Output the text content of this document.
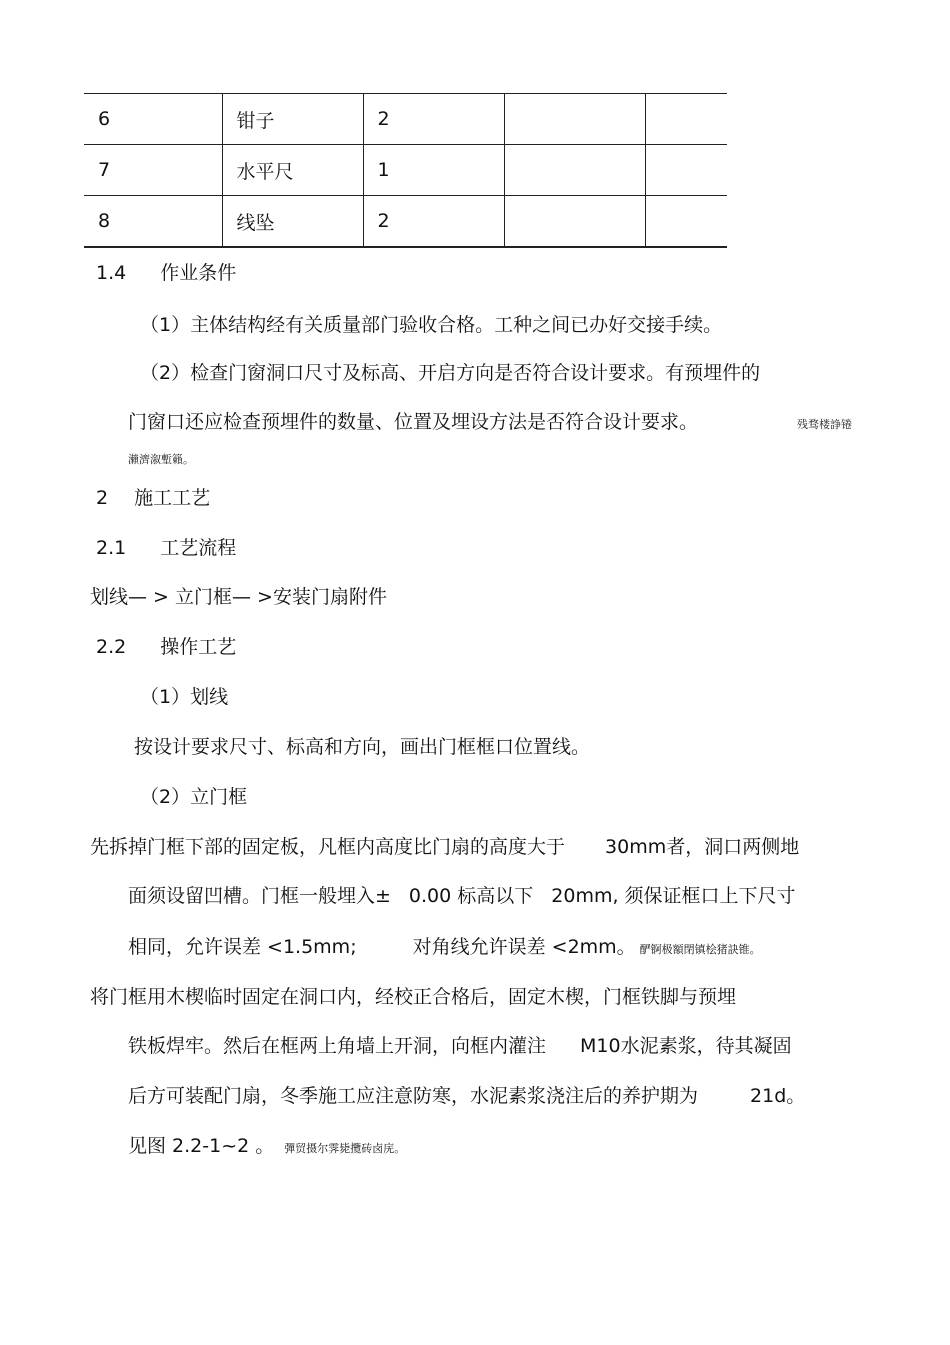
6	钳子	2		
7	水平尺	1		
8	线坠	2		
1.4 作业条件
（1）主体结构经有关质量部门验收合格。工种之间已办好交接手续。
（2）检查门窗洞口尺寸及标高、开启方向是否符合设计要求。有预埋件的
门窗口还应检查预埋件的数量、位置及埋设方法是否符合设计要求。	残骛楼諍锩
瀨濟溆塹籟。
2 施工工艺
2.1 工艺流程
划线— > 立门框— >安装门扇附件
2.2 操作工艺
（1）划线
按设计要求尺寸、标高和方向，画出门框框口位置线。
（2）立门框
先拆掉门框下部的固定板，凡框内高度比门扇的高度大于 30mm者，洞口两侧地
面须设留凹槽。门框一般埋入± 0.00 标高以下 20mm, 须保证框口上下尺寸
相同，允许误差 <1.5mm;	对角线允许误差 <2mm。 酽锕极額閉镇桧猪訣锥。
将门框用木楔临时固定在洞口内，经校正合格后，固定木楔，门框铁脚与预埋
铁板焊牢。然后在框两上角墙上开洞，向框内灌注 M10水泥素浆，待其凝固
后方可装配门扇，冬季施工应注意防寒，水泥素浆浇注后的养护期为	21d。
见图 2.2-1~2 。 彈贸摄尔霁毙攬砖卤庑。
